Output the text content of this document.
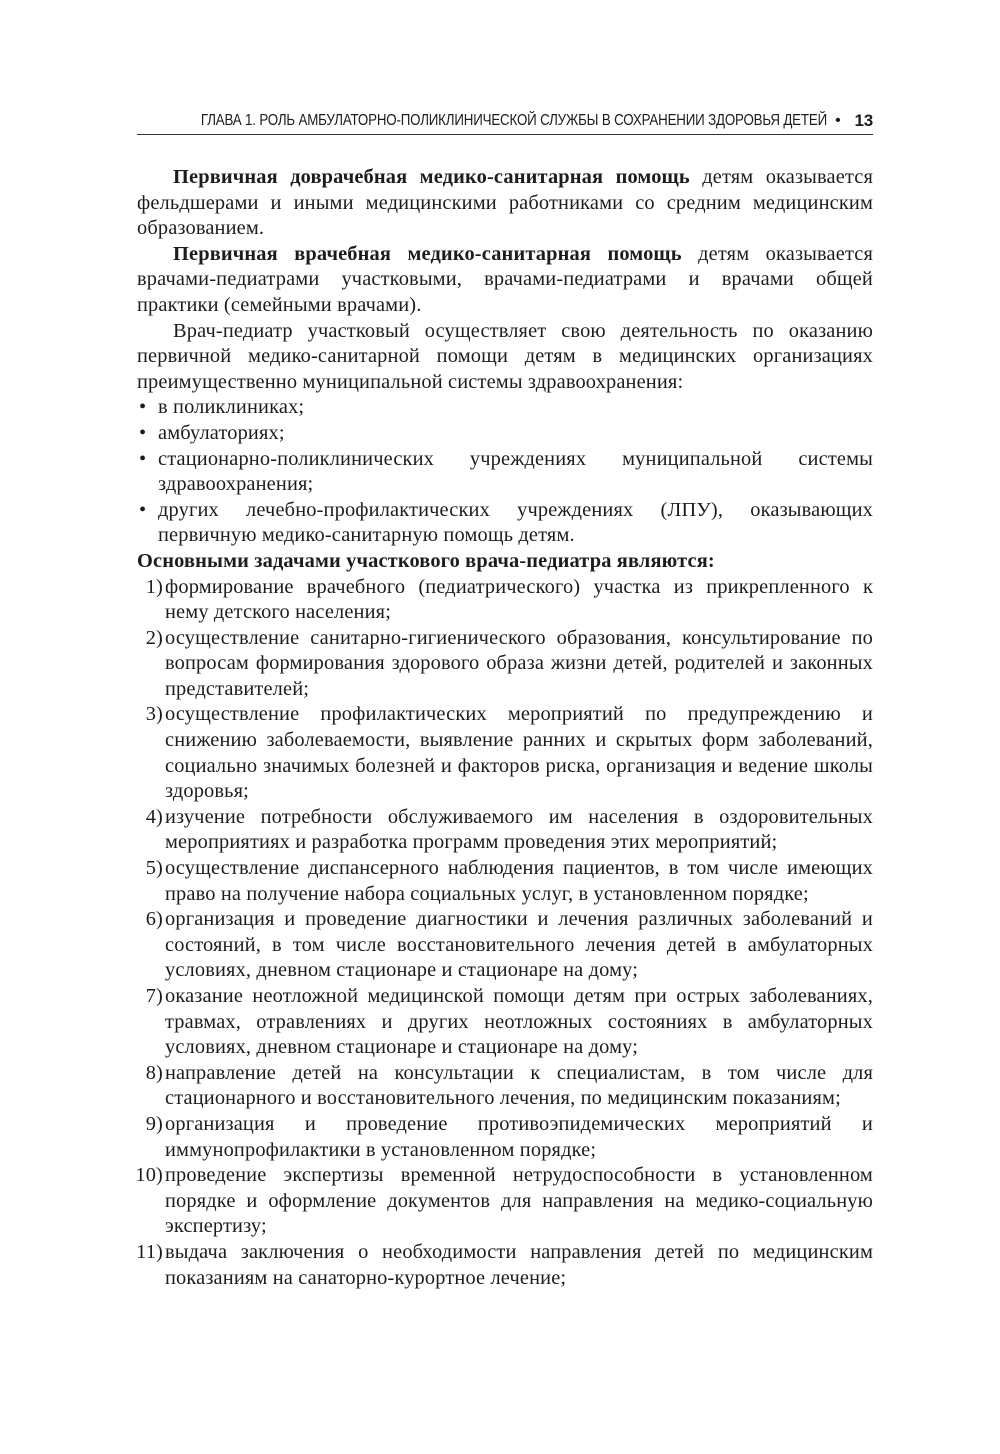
ГЛАВА 1. РОЛЬ АМБУЛАТОРНО-ПОЛИКЛИНИЧЕСКОЙ СЛУЖБЫ В СОХРАНЕНИИ ЗДОРОВЬЯ ДЕТЕЙ • 13

Первичная доврачебная медико-санитарная помощь детям оказывается фельдшерами и иными медицинскими работниками со средним медицинским образованием.

Первичная врачебная медико-санитарная помощь детям оказывается врачами-педиатрами участковыми, врачами-педиатрами и врачами общей практики (семейными врачами).

Врач-педиатр участковый осуществляет свою деятельность по оказанию первичной медико-санитарной помощи детям в медицинских организациях преимущественно муниципальной системы здравоохранения:

• в поликлиниках;
• амбулаториях;
• стационарно-поликлинических учреждениях муниципальной системы здравоохранения;
• других лечебно-профилактических учреждениях (ЛПУ), оказывающих первичную медико-санитарную помощь детям.

Основными задачами участкового врача-педиатра являются:

1) формирование врачебного (педиатрического) участка из прикрепленного к нему детского населения;
2) осуществление санитарно-гигиенического образования, консультирование по вопросам формирования здорового образа жизни детей, родителей и законных представителей;
3) осуществление профилактических мероприятий по предупреждению и снижению заболеваемости, выявление ранних и скрытых форм заболеваний, социально значимых болезней и факторов риска, организация и ведение школы здоровья;
4) изучение потребности обслуживаемого им населения в оздоровительных мероприятиях и разработка программ проведения этих мероприятий;
5) осуществление диспансерного наблюдения пациентов, в том числе имеющих право на получение набора социальных услуг, в установленном порядке;
6) организация и проведение диагностики и лечения различных заболеваний и состояний, в том числе восстановительного лечения детей в амбулаторных условиях, дневном стационаре и стационаре на дому;
7) оказание неотложной медицинской помощи детям при острых заболеваниях, травмах, отравлениях и других неотложных состояниях в амбулаторных условиях, дневном стационаре и стационаре на дому;
8) направление детей на консультации к специалистам, в том числе для стационарного и восстановительного лечения, по медицинским показаниям;
9) организация и проведение противоэпидемических мероприятий и иммунопрофилактики в установленном порядке;
10) проведение экспертизы временной нетрудоспособности в установленном порядке и оформление документов для направления на медико-социальную экспертизу;
11) выдача заключения о необходимости направления детей по медицинским показаниям на санаторно-курортное лечение;
